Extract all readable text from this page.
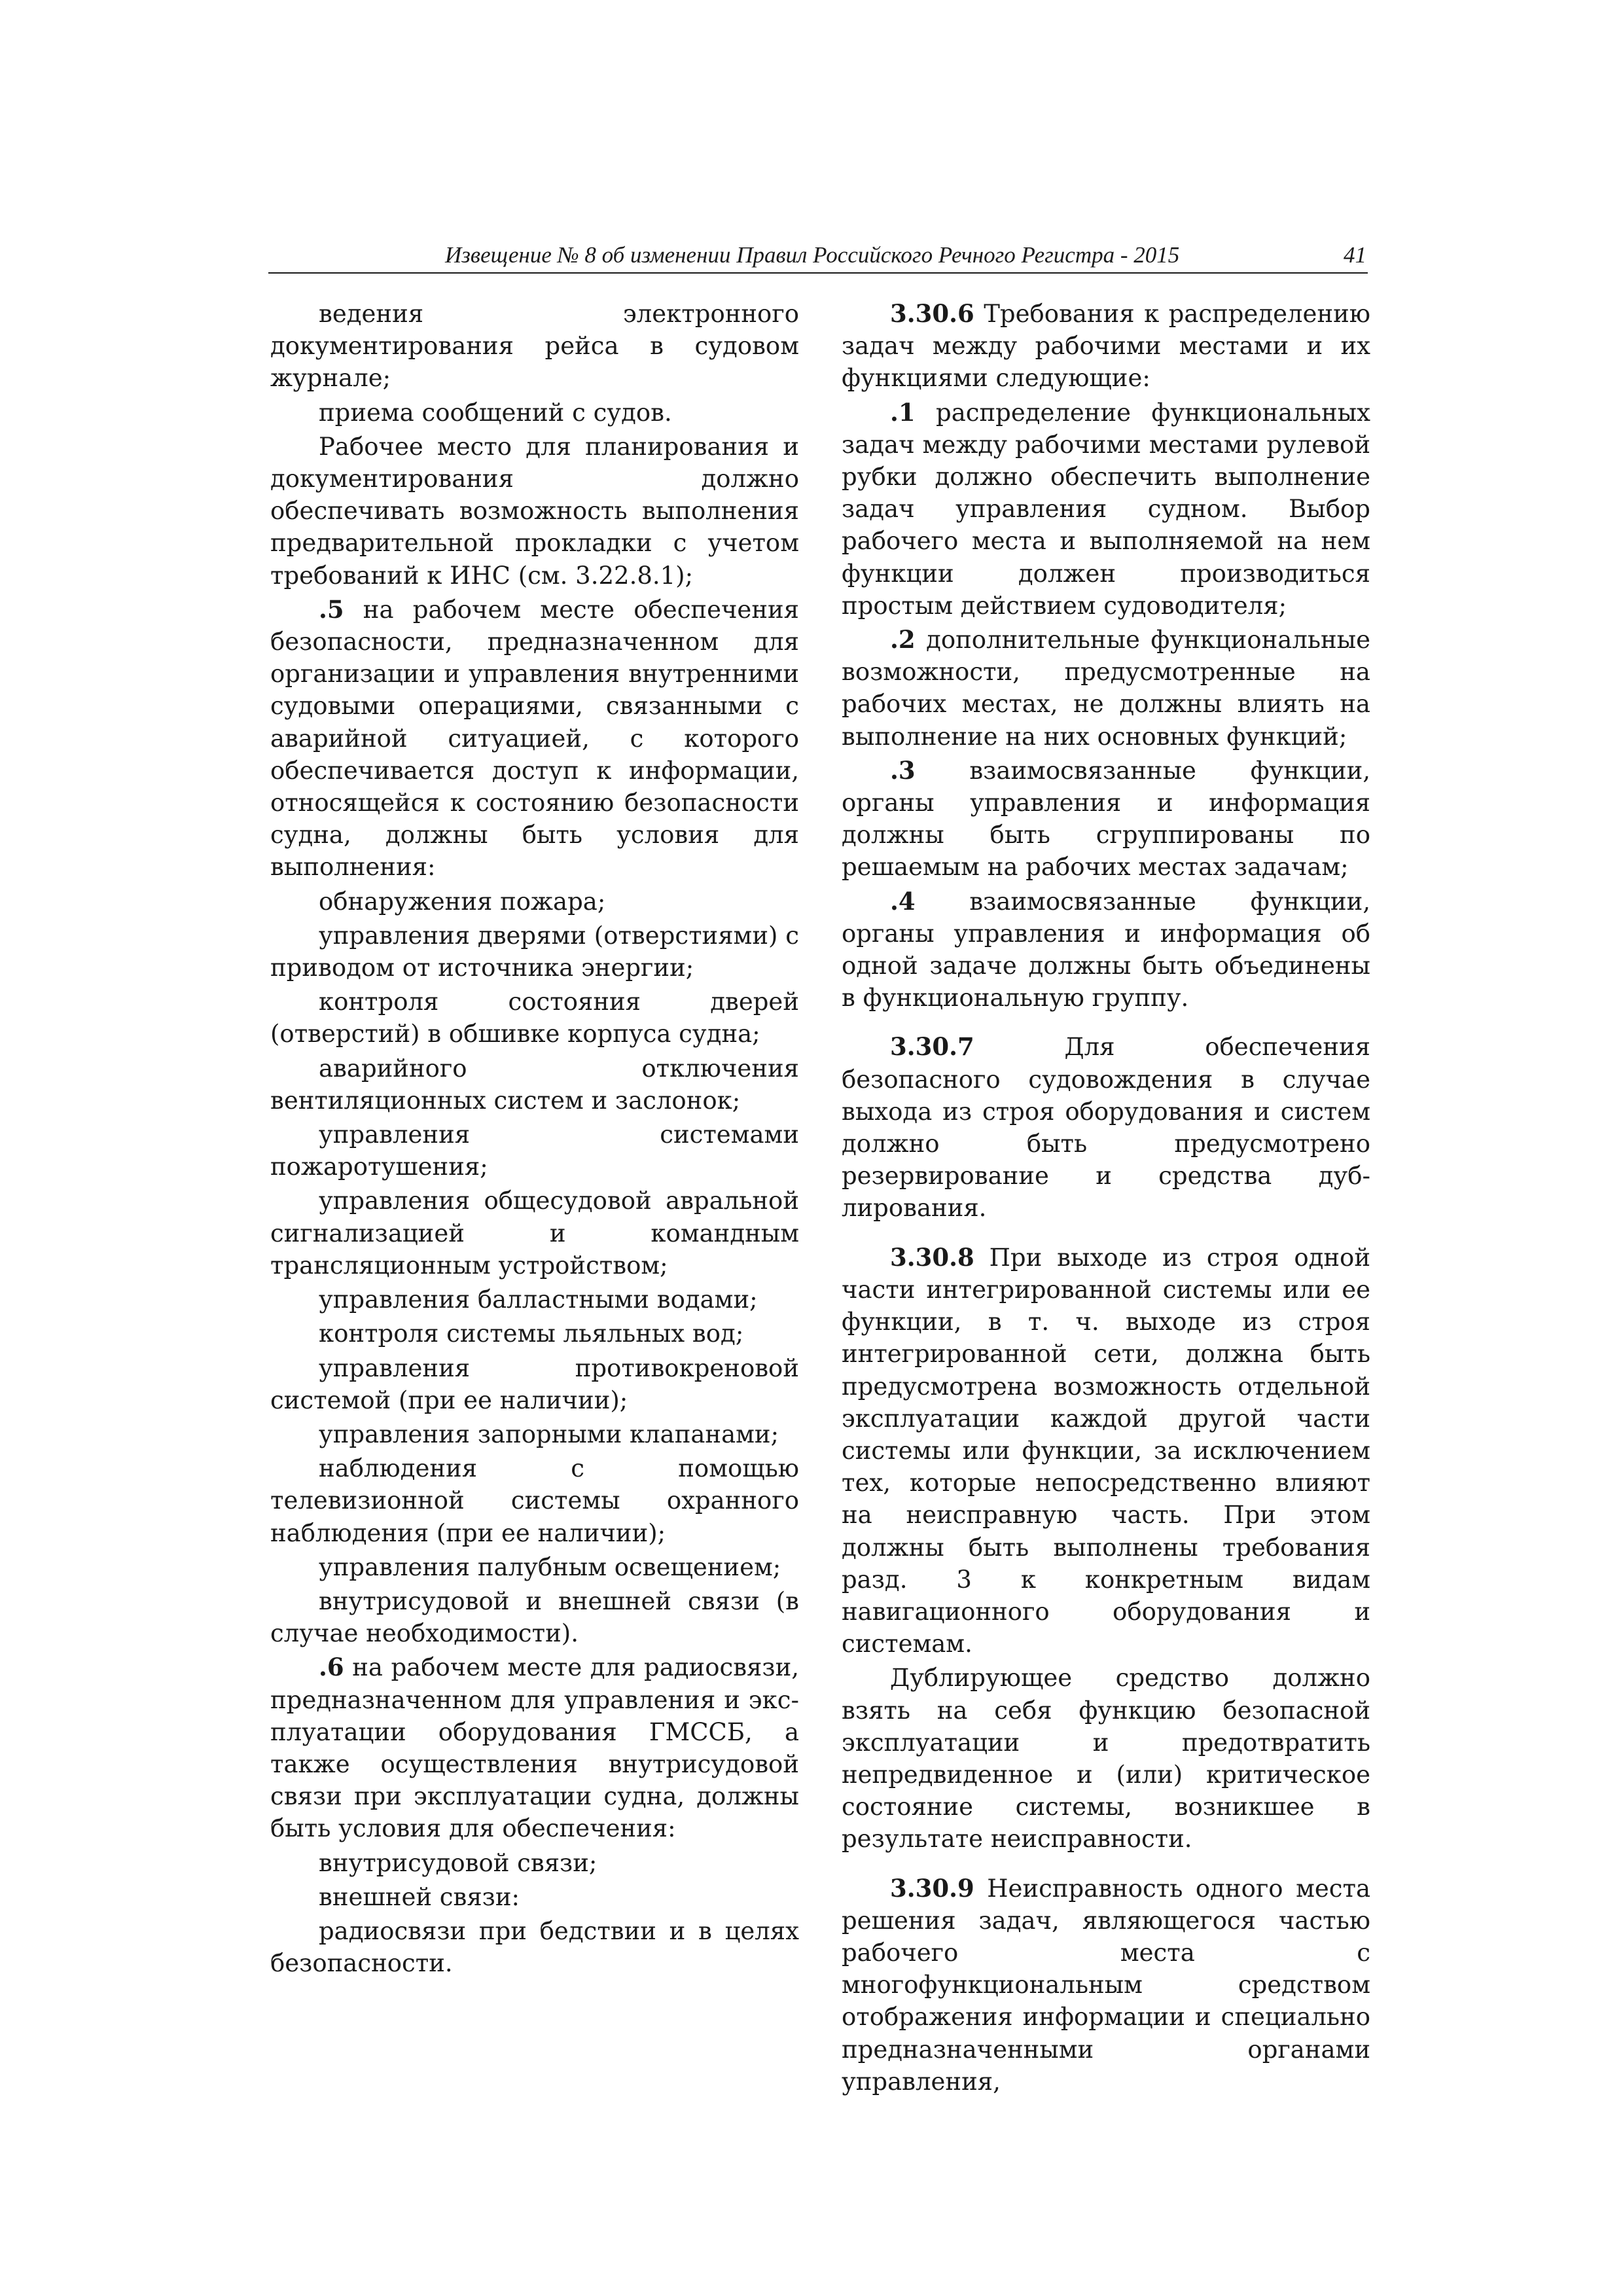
Извещение № 8 об изменении Правил Российского Речного Регистра - 2015	41

ведения электронного документирования рейса в судовом журнале;

приема сообщений с судов.

Рабочее место для планирования и документирования должно обеспечивать возможность выполнения предварительной прокладки с учетом требований к ИНС (см. 3.22.8.1);

.5 на рабочем месте обеспечения безопасности, предназначенном для организации и управления внутренними судовыми операциями, связанными с аварийной ситуацией, с которого обеспечивается доступ к информации, относящейся к состоянию безопасности судна, должны быть условия для выполнения:

обнаружения пожара;

управления дверями (отверстиями) с приводом от источника энергии;

контроля состояния дверей (отверстий) в обшивке корпуса судна;

аварийного отключения вентиляционных систем и заслонок;

управления системами пожаротушения;

управления общесудовой авральной сигнализацией и командным трансляционным устройством;

управления балластными водами;

контроля системы льяльных вод;

управления противокреновой системой (при ее наличии);

управления запорными клапанами;

наблюдения с помощью телевизионной системы охранного наблюдения (при ее наличии);

управления палубным освещением;

внутрисудовой и внешней связи (в случае необходимости).

.6 на рабочем месте для радиосвязи, предназначенном для управления и эксплуатации оборудования ГМССБ, а также осуществления внутрисудовой связи при эксплуатации судна, должны быть условия для обеспечения:

внутрисудовой связи;

внешней связи:

радиосвязи при бедствии и в целях безопасности.

3.30.6 Требования к распределению задач между рабочими местами и их функциями следующие:

.1 распределение функциональных задач между рабочими местами рулевой рубки должно обеспечить выполнение задач управления судном. Выбор рабочего места и выполняемой на нем функции должен производиться простым действием судоводителя;

.2 дополнительные функциональные возможности, предусмотренные на рабочих местах, не должны влиять на выполнение на них основных функций;

.3 взаимосвязанные функции, органы управления и информация должны быть сгруппированы по решаемым на рабочих местах задачам;

.4 взаимосвязанные функции, органы управления и информация об одной задаче должны быть объединены в функциональную группу.

3.30.7 Для обеспечения безопасного судовождения в случае выхода из строя оборудования и систем должно быть предусмотрено резервирование и средства дублирования.

3.30.8 При выходе из строя одной части интегрированной системы или ее функции, в т. ч. выходе из строя интегрированной сети, должна быть предусмотрена возможность отдельной эксплуатации каждой другой части системы или функции, за исключением тех, которые непосредственно влияют на неисправную часть. При этом должны быть выполнены требования разд. 3 к конкретным видам навигационного оборудования и системам.

Дублирующее средство должно взять на себя функцию безопасной эксплуатации и предотвратить непредвиденное и (или) критическое состояние системы, возникшее в результате неисправности.

3.30.9 Неисправность одного места решения задач, являющегося частью рабочего места с многофункциональным средством отображения информации и специально предназначенными органами управления,
